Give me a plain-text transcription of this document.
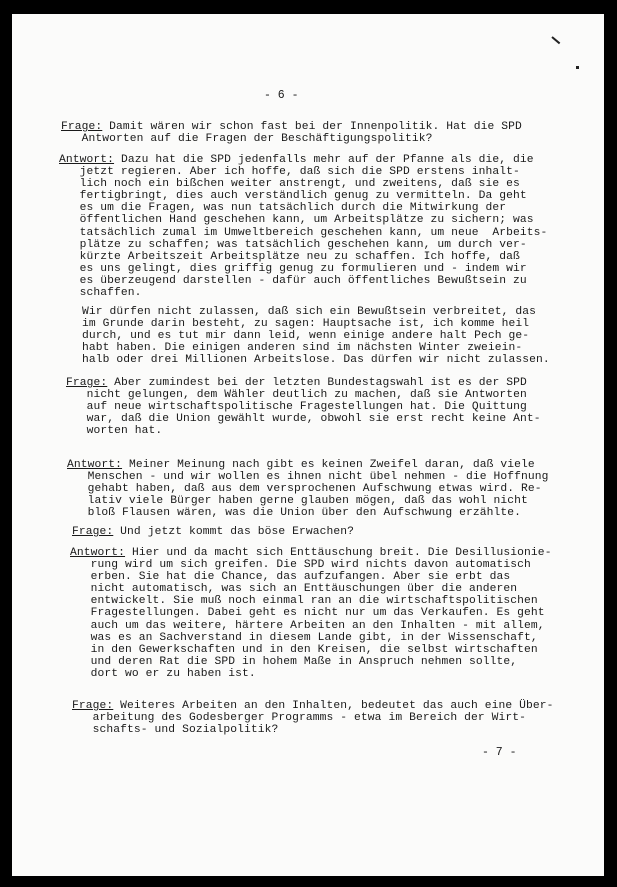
- 6 -
Frage: Damit wären wir schon fast bei der Innenpolitik. Hat die SPD
Antworten auf die Fragen der Beschäftigungspolitik?
Antwort: Dazu hat die SPD jedenfalls mehr auf der Pfanne als die, die
jetzt regieren. Aber ich hoffe, daß sich die SPD erstens inhalt-
lich noch ein bißchen weiter anstrengt, und zweitens, daß sie es
fertigbringt, dies auch verständlich genug zu vermitteln. Da geht
es um die Fragen, was nun tatsächlich durch die Mitwirkung der
öffentlichen Hand geschehen kann, um Arbeitsplätze zu sichern; was
tatsächlich zumal im Umweltbereich geschehen kann, um neue  Arbeits-
plätze zu schaffen; was tatsächlich geschehen kann, um durch ver-
kürzte Arbeitszeit Arbeitsplätze neu zu schaffen. Ich hoffe, daß
es uns gelingt, dies griffig genug zu formulieren und - indem wir
es überzeugend darstellen - dafür auch öffentliches Bewußtsein zu
schaffen.
Wir dürfen nicht zulassen, daß sich ein Bewußtsein verbreitet, das
im Grunde darin besteht, zu sagen: Hauptsache ist, ich komme heil
durch, und es tut mir dann leid, wenn einige andere halt Pech ge-
habt haben. Die einigen anderen sind im nächsten Winter zweiein-
halb oder drei Millionen Arbeitslose. Das dürfen wir nicht zulassen.
Frage: Aber zumindest bei der letzten Bundestagswahl ist es der SPD
nicht gelungen, dem Wähler deutlich zu machen, daß sie Antworten
auf neue wirtschaftspolitische Fragestellungen hat. Die Quittung
war, daß die Union gewählt wurde, obwohl sie erst recht keine Ant-
worten hat.
Antwort: Meiner Meinung nach gibt es keinen Zweifel daran, daß viele
Menschen - und wir wollen es ihnen nicht übel nehmen - die Hoffnung
gehabt haben, daß aus dem versprochenen Aufschwung etwas wird. Re-
lativ viele Bürger haben gerne glauben mögen, daß das wohl nicht
bloß Flausen wären, was die Union über den Aufschwung erzählte.
Frage: Und jetzt kommt das böse Erwachen?
Antwort: Hier und da macht sich Enttäuschung breit. Die Desillusionie-
rung wird um sich greifen. Die SPD wird nichts davon automatisch
erben. Sie hat die Chance, das aufzufangen. Aber sie erbt das
nicht automatisch, was sich an Enttäuschungen über die anderen
entwickelt. Sie muß noch einmal ran an die wirtschaftspolitischen
Fragestellungen. Dabei geht es nicht nur um das Verkaufen. Es geht
auch um das weitere, härtere Arbeiten an den Inhalten - mit allem,
was es an Sachverstand in diesem Lande gibt, in der Wissenschaft,
in den Gewerkschaften und in den Kreisen, die selbst wirtschaften
und deren Rat die SPD in hohem Maße in Anspruch nehmen sollte,
dort wo er zu haben ist.
Frage: Weiteres Arbeiten an den Inhalten, bedeutet das auch eine Über-
arbeitung des Godesberger Programms - etwa im Bereich der Wirt-
schafts- und Sozialpolitik?
- 7 -
